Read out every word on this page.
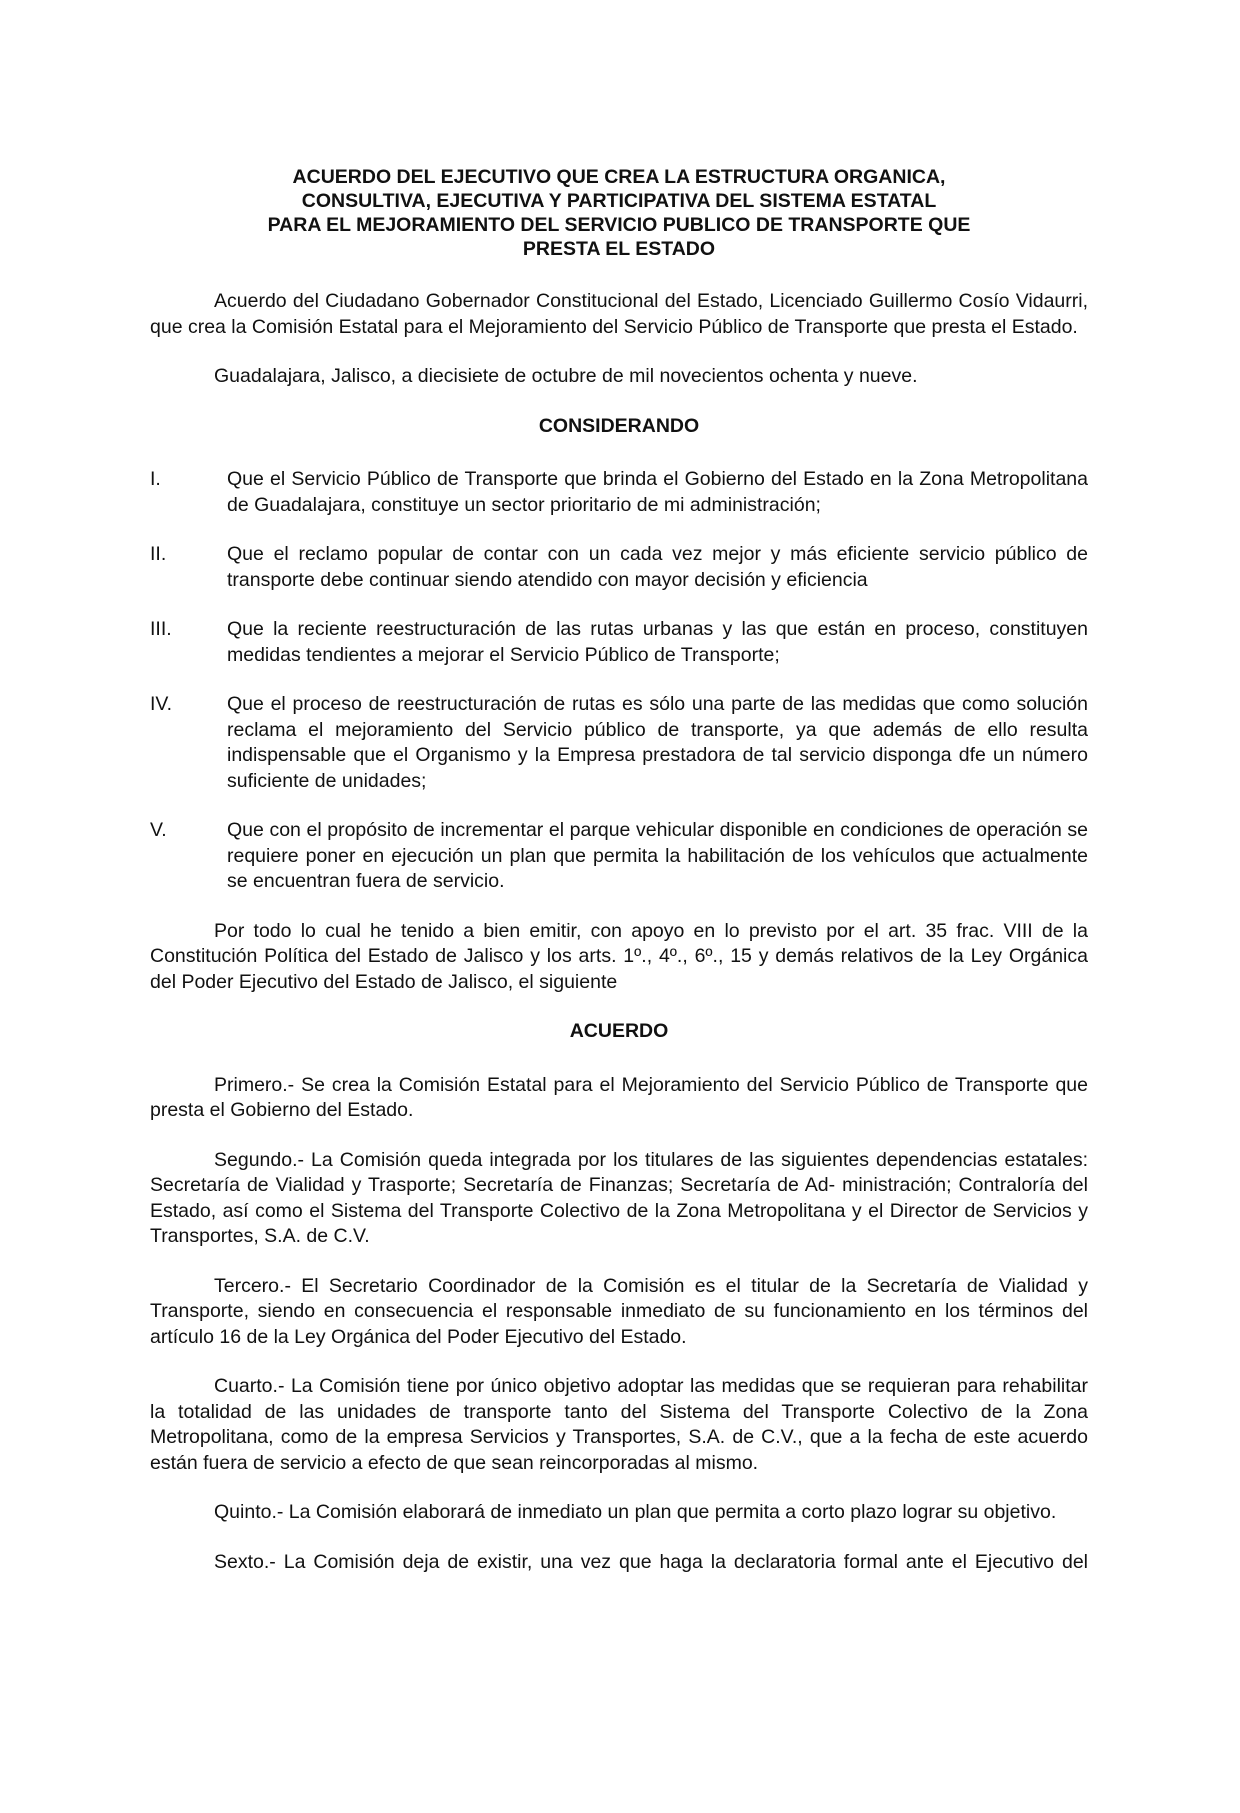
ACUERDO DEL EJECUTIVO QUE CREA LA ESTRUCTURA ORGANICA,
CONSULTIVA, EJECUTIVA Y PARTICIPATIVA DEL SISTEMA ESTATAL
PARA EL MEJORAMIENTO DEL SERVICIO PUBLICO DE TRANSPORTE QUE
PRESTA EL ESTADO

Acuerdo del Ciudadano Gobernador Constitucional del Estado, Licenciado Guillermo Cosío Vidaurri, que crea la Comisión Estatal para el Mejoramiento del Servicio Público de Transporte que presta el Estado.

Guadalajara, Jalisco, a diecisiete de octubre de mil novecientos ochenta y nueve.

CONSIDERANDO
I.	Que el Servicio Público de Transporte que brinda el Gobierno del Estado en la Zona Metropolitana de Guadalajara, constituye un sector prioritario de mi administración;
II.	Que el reclamo popular de contar con un cada vez mejor y más eficiente servicio público de transporte debe continuar siendo atendido con mayor decisión y eficiencia
III.	Que la reciente reestructuración de las rutas urbanas y las que están en proceso, constituyen medidas tendientes a mejorar el Servicio Público de Transporte;
IV.	Que el proceso de reestructuración de rutas es sólo una parte de las medidas que como solución reclama el mejoramiento del Servicio público de transporte, ya que además de ello resulta indispensable que el Organismo y la Empresa prestadora de tal servicio disponga dfe un número suficiente de unidades;
V.	Que con el propósito de incrementar el parque vehicular disponible en condiciones de operación se requiere poner en ejecución un plan que permita la habilitación de los vehículos que actualmente se encuentran fuera de servicio.

Por todo lo cual he tenido a bien emitir, con apoyo en lo previsto por el art. 35 frac. VIII de la Constitución Política del Estado de Jalisco y los arts. 1º., 4º., 6º., 15 y demás relativos de la Ley Orgánica del Poder Ejecutivo del Estado de Jalisco, el siguiente

ACUERDO

Primero.- Se crea la Comisión Estatal para el Mejoramiento del Servicio Público de Transporte que presta el Gobierno del Estado.

Segundo.- La Comisión queda integrada por los titulares de las siguientes dependencias estatales: Secretaría de Vialidad y Trasporte; Secretaría de Finanzas; Secretaría de Ad- ministración; Contraloría del Estado, así como el Sistema del Transporte Colectivo de la Zona Metropolitana y el Director de Servicios y Transportes, S.A. de C.V.

Tercero.- El Secretario Coordinador de la Comisión es el titular de la Secretaría de Vialidad y Transporte, siendo en consecuencia el responsable inmediato de su funcionamiento en los términos del artículo 16 de la Ley Orgánica del Poder Ejecutivo del Estado.

Cuarto.- La Comisión tiene por único objetivo adoptar las medidas que se requieran para rehabilitar la totalidad de las unidades de transporte tanto del Sistema del Transporte Colectivo de la Zona Metropolitana, como de la empresa Servicios y Transportes, S.A. de C.V., que a la fecha de este acuerdo están fuera de servicio a efecto de que sean reincorporadas al mismo.

Quinto.- La Comisión elaborará de inmediato un plan que permita a corto plazo lograr su objetivo.

Sexto.- La Comisión deja de existir, una vez que haga la declaratoria formal ante el Ejecutivo del
